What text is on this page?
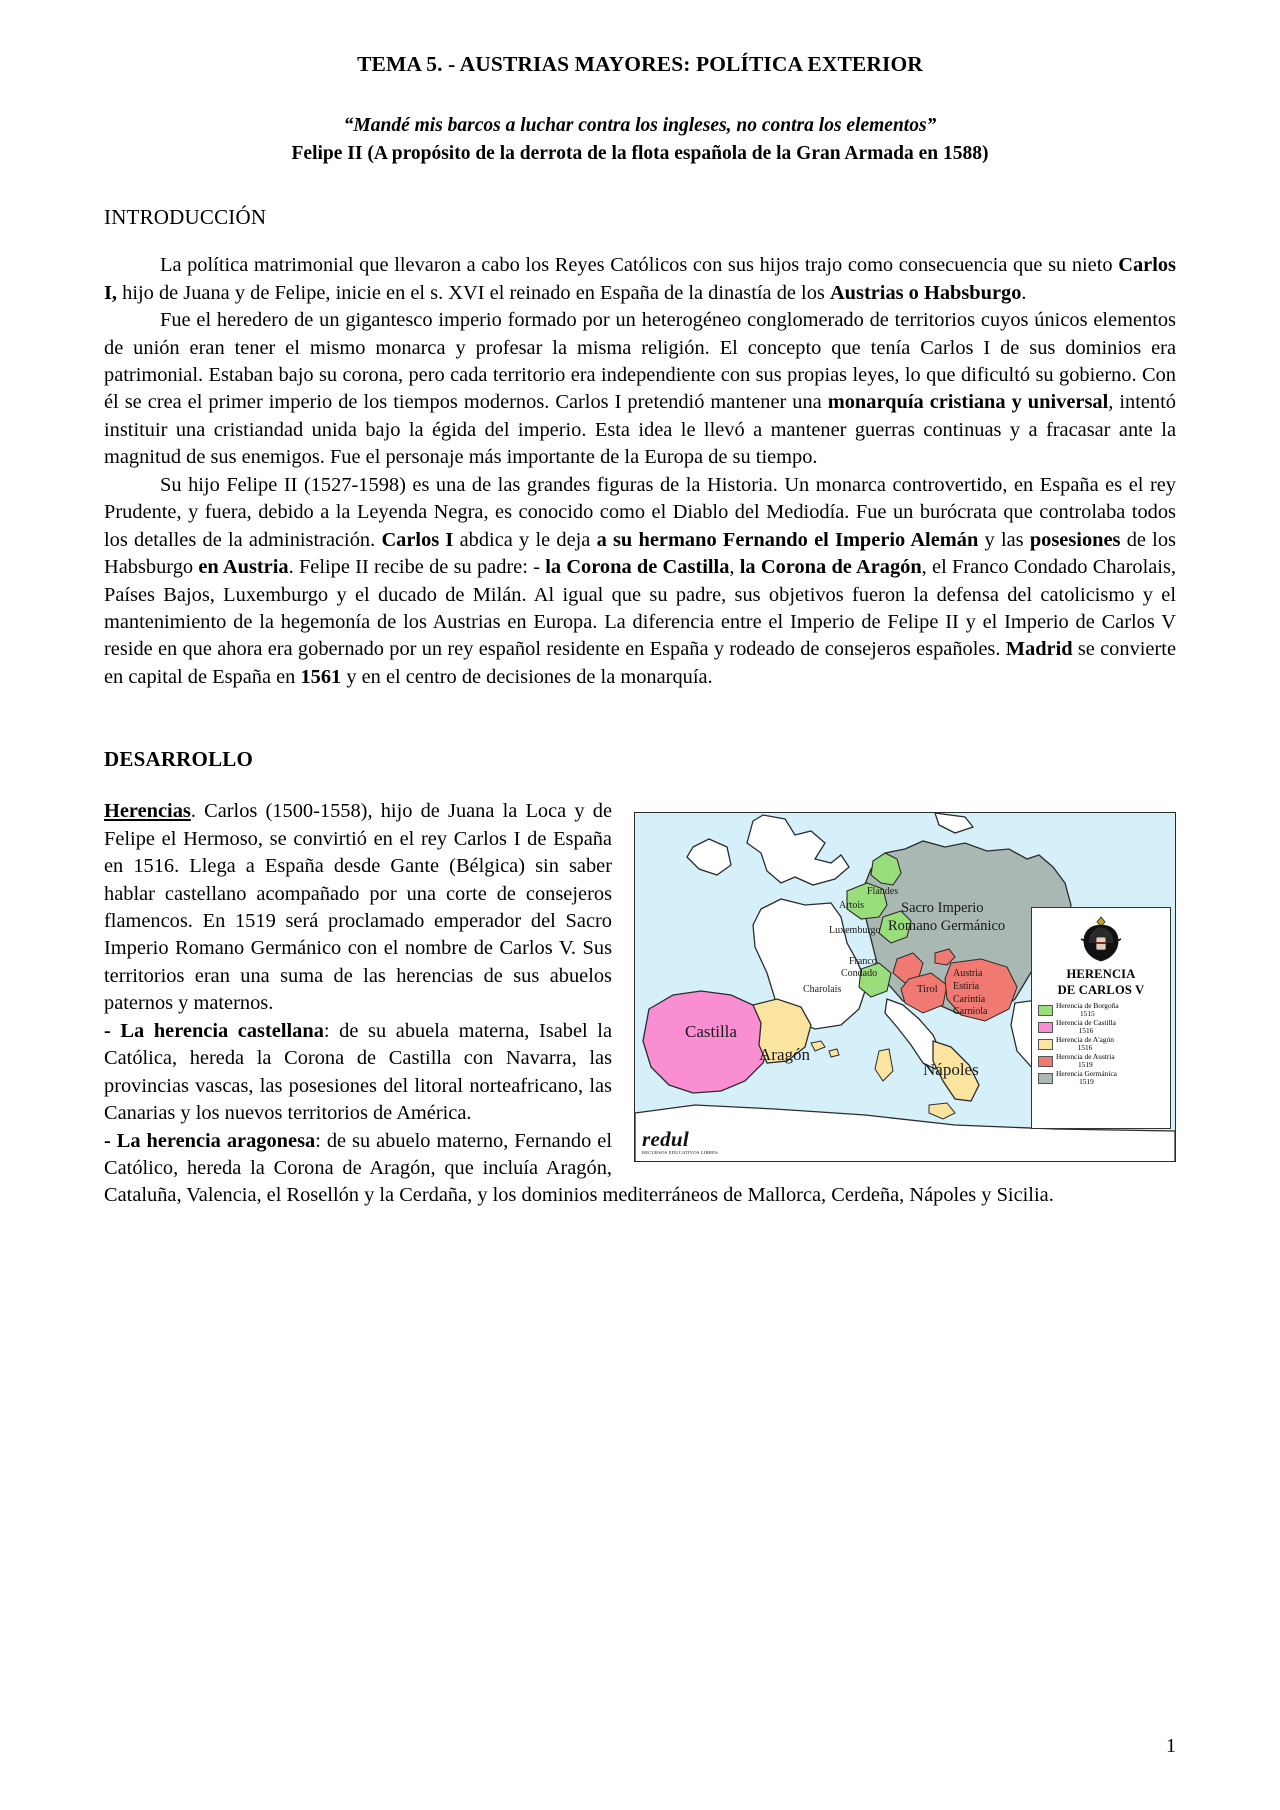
TEMA 5. - AUSTRIAS MAYORES: POLÍTICA EXTERIOR
“Mandé mis barcos a luchar contra los ingleses, no contra los elementos”
Felipe II (A propósito de la derrota de la flota española de la Gran Armada en 1588)
INTRODUCCIÓN

La política matrimonial que llevaron a cabo los Reyes Católicos con sus hijos trajo como consecuencia que su nieto Carlos I, hijo de Juana y de Felipe, inicie en el s. XVI el reinado en España de la dinastía de los Austrias o Habsburgo.

Fue el heredero de un gigantesco imperio formado por un heterogéneo conglomerado de territorios cuyos únicos elementos de unión eran tener el mismo monarca y profesar la misma religión. El concepto que tenía Carlos I de sus dominios era patrimonial. Estaban bajo su corona, pero cada territorio era independiente con sus propias leyes, lo que dificultó su gobierno. Con él se crea el primer imperio de los tiempos modernos. Carlos I pretendió mantener una monarquía cristiana y universal, intentó instituir una cristiandad unida bajo la égida del imperio. Esta idea le llevó a mantener guerras continuas y a fracasar ante la magnitud de sus enemigos. Fue el personaje más importante de la Europa de su tiempo.

Su hijo Felipe II (1527-1598) es una de las grandes figuras de la Historia. Un monarca controvertido, en España es el rey Prudente, y fuera, debido a la Leyenda Negra, es conocido como el Diablo del Mediodía. Fue un burócrata que controlaba todos los detalles de la administración. Carlos I abdica y le deja a su hermano Fernando el Imperio Alemán y las posesiones de los Habsburgo en Austria. Felipe II recibe de su padre: - la Corona de Castilla, la Corona de Aragón, el Franco Condado Charolais, Países Bajos, Luxemburgo y el ducado de Milán. Al igual que su padre, sus objetivos fueron la defensa del catolicismo y el mantenimiento de la hegemonía de los Austrias en Europa. La diferencia entre el Imperio de Felipe II y el Imperio de Carlos V reside en que ahora era gobernado por un rey español residente en España y rodeado de consejeros españoles. Madrid se convierte en capital de España en 1561 y en el centro de decisiones de la monarquía.

DESARROLLO
Flandes
Artois
Luxemburgo
Sacro Imperio
Romano Germánico
Franco
Condado
Charolais	Tirol
Austria
Estiria
Carintia
Carniola
Castilla
Aragón
Nápoles
redul
RECURSOS EDUCATIVOS LIBRES
HERENCIA
DE CARLOS V
Herencia de Borgoña
1515
Herencia de Castilla
1516
Herencia de A'agón
1516
Herencia de Austria
1519
Herencia Germánica
1519

Herencias. Carlos (1500-1558), hijo de Juana la Loca y de Felipe el Hermoso, se convirtió en el rey Carlos I de España en 1516. Llega a España desde Gante (Bélgica) sin saber hablar castellano acompañado por una corte de consejeros flamencos. En 1519 será proclamado emperador del Sacro Imperio Romano Germánico con el nombre de Carlos V. Sus territorios eran una suma de las herencias de sus abuelos paternos y maternos.

- La herencia castellana: de su abuela materna, Isabel la Católica, hereda la Corona de Castilla con Navarra, las provincias vascas, las posesiones del litoral norteafricano, las Canarias y los nuevos territorios de América.

- La herencia aragonesa: de su abuelo materno, Fernando el Católico, hereda la Corona de Aragón, que incluía Aragón, Cataluña, Valencia, el Rosellón y la Cerdaña, y los dominios mediterráneos de Mallorca, Cerdeña, Nápoles y Sicilia.

1
